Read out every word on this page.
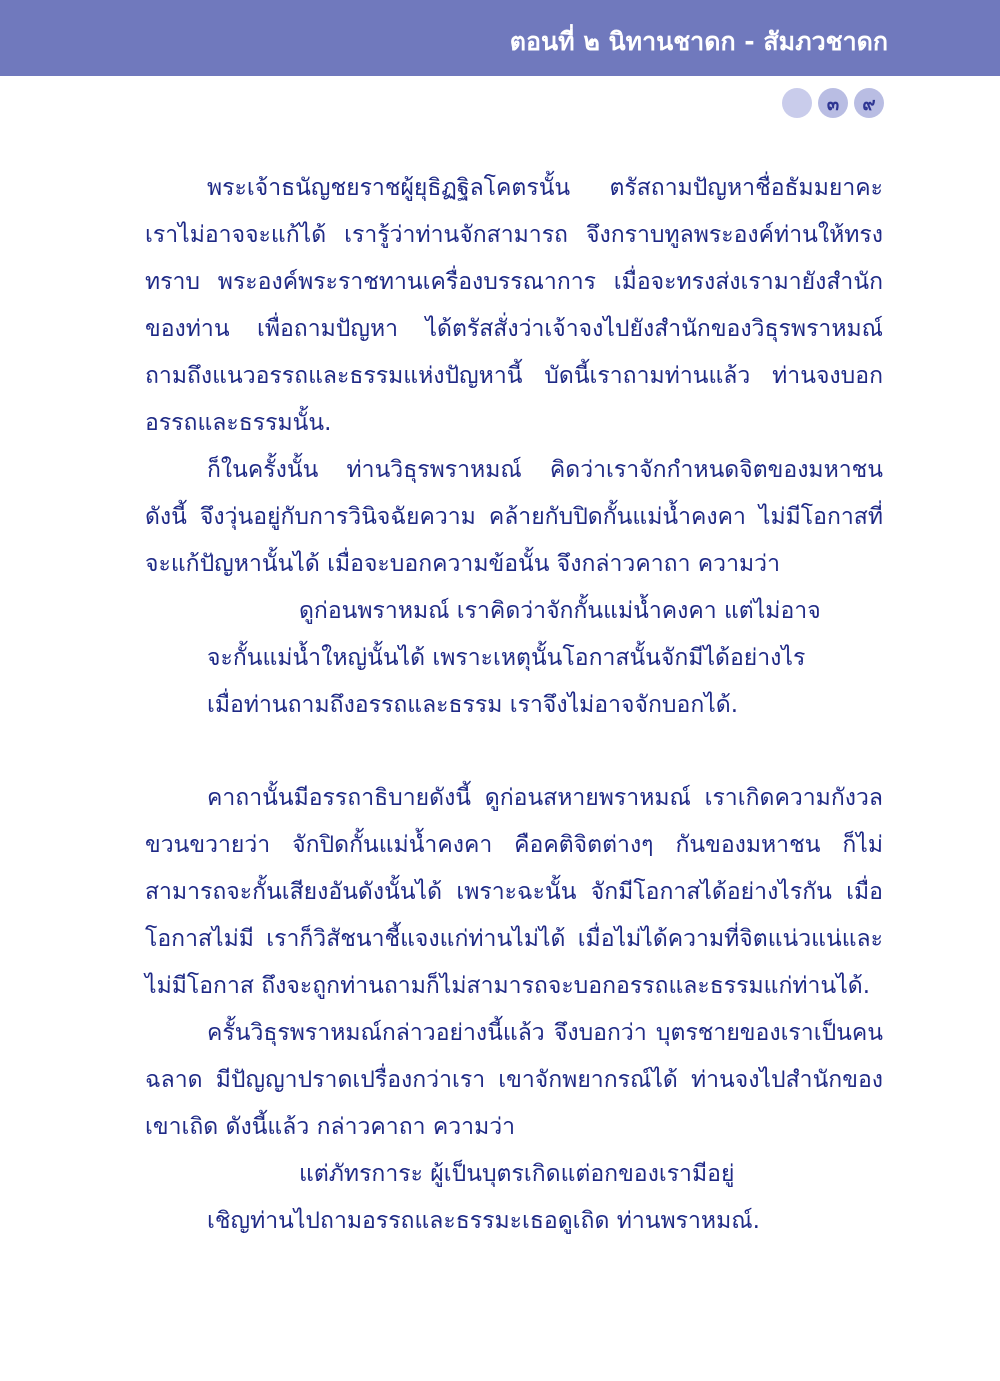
ตอนที่ ๒ นิทานชาดก - สัมภวชาดก
๓	๙

พระเจ้าธนัญชยราชผู้ยุธิฏฐิลโคตรนั้น ตรัสถามปัญหาชื่อธัมมยาคะ เราไม่อาจจะแก้ได้ เรารู้ว่าท่านจักสามารถ จึงกราบทูลพระองค์ท่านให้ทรงทราบ พระองค์พระราชทานเครื่องบรรณาการ เมื่อจะทรงส่งเรามายังสำนักของท่าน เพื่อถามปัญหา ได้ตรัสสั่งว่าเจ้าจงไปยังสำนักของวิธุรพราหมณ์ ถามถึงแนวอรรถและธรรมแห่งปัญหานี้ บัดนี้เราถามท่านแล้ว ท่านจงบอกอรรถและธรรมนั้น.

ก็ในครั้งนั้น ท่านวิธุรพราหมณ์ คิดว่าเราจักกำหนดจิตของมหาชนดังนี้ จึงวุ่นอยู่กับการวินิจฉัยความ คล้ายกับปิดกั้นแม่น้ำคงคา ไม่มีโอกาสที่จะแก้ปัญหานั้นได้ เมื่อจะบอกความข้อนั้น จึงกล่าวคาถา ความว่า

ดูก่อนพราหมณ์ เราคิดว่าจักกั้นแม่น้ำคงคา แต่ไม่อาจ
จะกั้นแม่น้ำใหญ่นั้นได้ เพราะเหตุนั้นโอกาสนั้นจักมีได้อย่างไร
เมื่อท่านถามถึงอรรถและธรรม เราจึงไม่อาจจักบอกได้.

คาถานั้นมีอรรถาธิบายดังนี้ ดูก่อนสหายพราหมณ์ เราเกิดความกังวลขวนขวายว่า จักปิดกั้นแม่น้ำคงคา คือคติจิตต่างๆ กันของมหาชน ก็ไม่สามารถจะกั้นเสียงอันดังนั้นได้ เพราะฉะนั้น จักมีโอกาสได้อย่างไรกัน เมื่อโอกาสไม่มี เราก็วิสัชนาชี้แจงแก่ท่านไม่ได้ เมื่อไม่ได้ความที่จิตแน่วแน่และไม่มีโอกาส ถึงจะถูกท่านถามก็ไม่สามารถจะบอกอรรถและธรรมแก่ท่านได้.

ครั้นวิธุรพราหมณ์กล่าวอย่างนี้แล้ว จึงบอกว่า บุตรชายของเราเป็นคนฉลาด มีปัญญาปราดเปรื่องกว่าเรา เขาจักพยากรณ์ได้ ท่านจงไปสำนักของเขาเถิด ดังนี้แล้ว กล่าวคาถา ความว่า

แต่ภัทรการะ ผู้เป็นบุตรเกิดแต่อกของเรามีอยู่
เชิญท่านไปถามอรรถและธรรมะเธอดูเถิด ท่านพราหมณ์.
